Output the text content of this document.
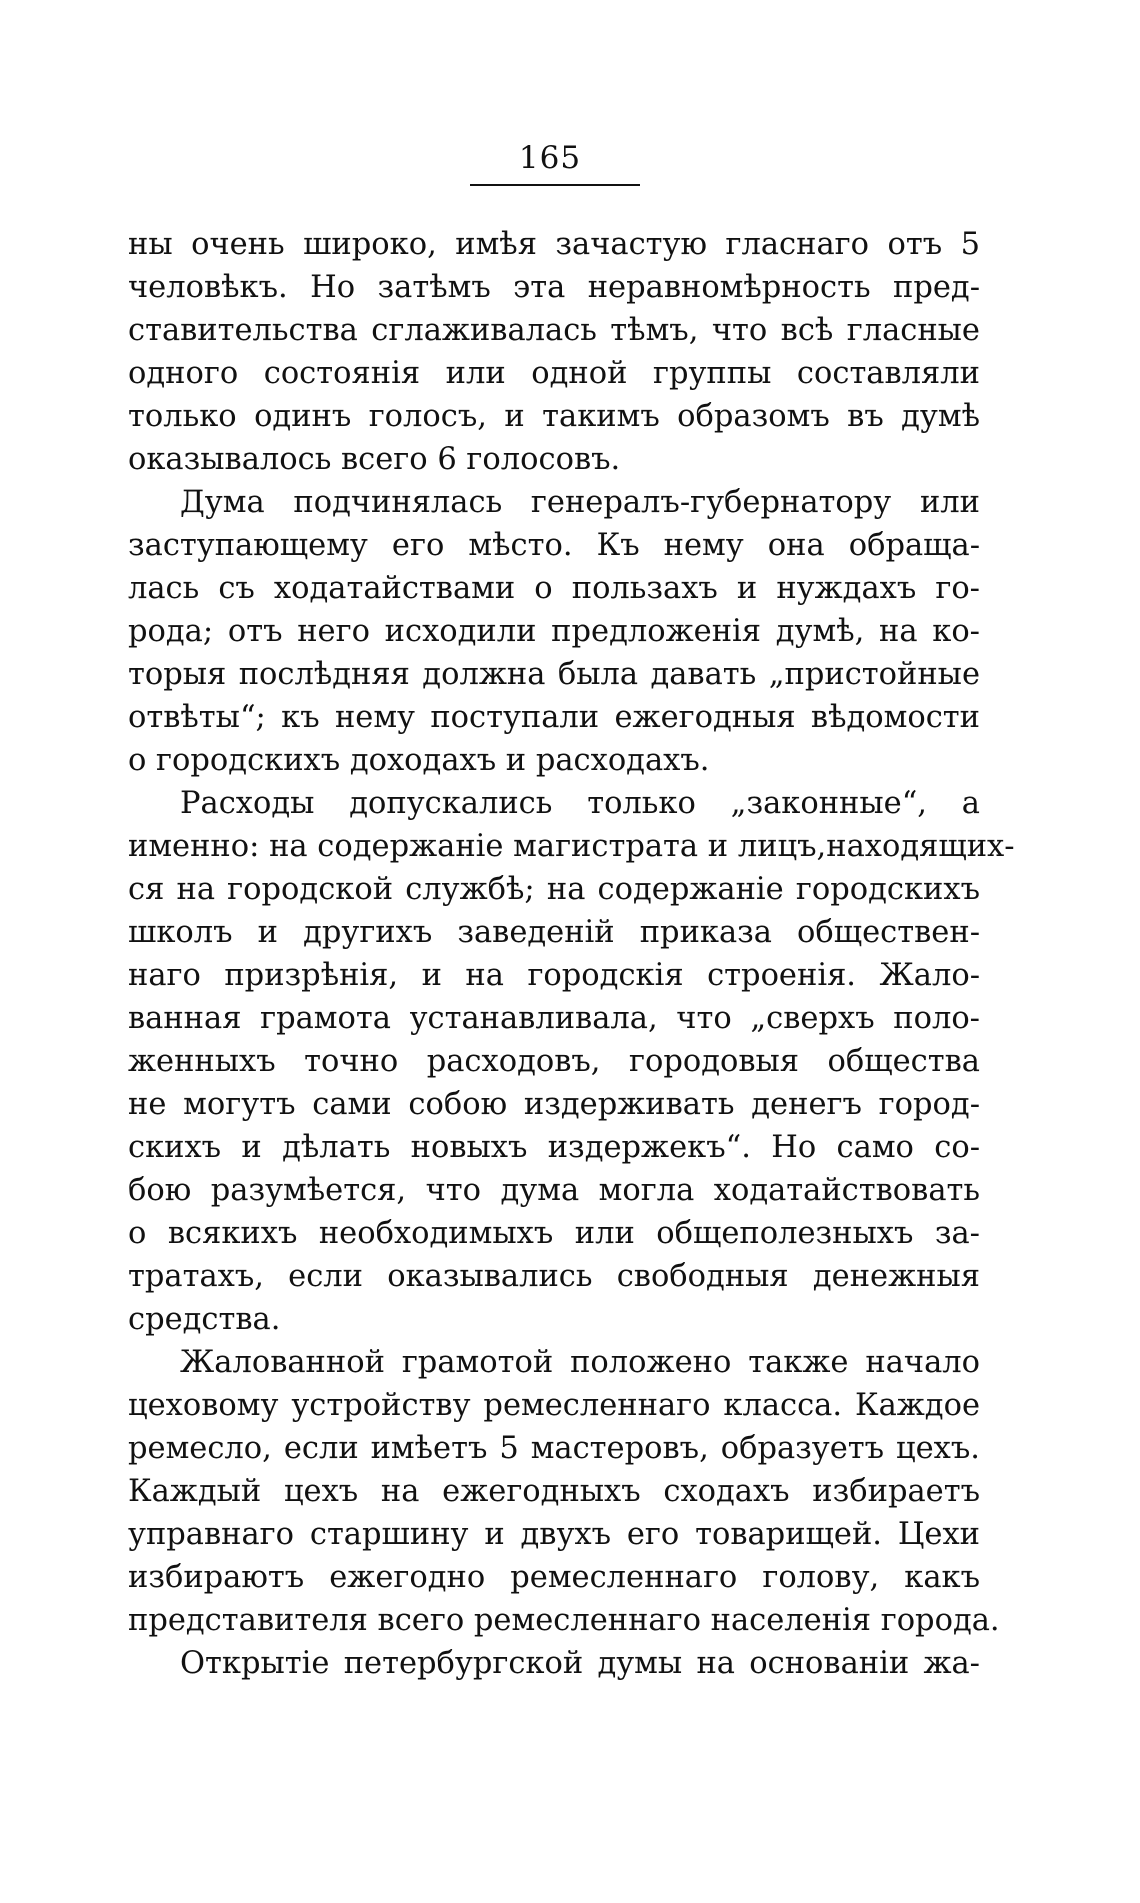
165
ны очень широко, имѣя зачастую гласнаго отъ 5
человѣкъ. Но затѣмъ эта неравномѣрность пред-
ставительства сглаживалась тѣмъ, что всѣ гласные
одного состоянія или одной группы составляли
только одинъ голосъ, и такимъ образомъ въ думѣ
оказывалось всего 6 голосовъ.
Дума подчинялась генералъ-губернатору или
заступающему его мѣсто. Къ нему она обраща-
лась съ ходатайствами о пользахъ и нуждахъ го-
рода; отъ него исходили предложенія думѣ, на ко-
торыя послѣдняя должна была давать „пристойные
отвѣты“; къ нему поступали ежегодныя вѣдомости
о городскихъ доходахъ и расходахъ.
Расходы допускались только „законные“, а
именно: на содержаніе магистрата и лицъ,находящих-
ся на городской службѣ; на содержаніе городскихъ
школъ и другихъ заведеній приказа обществен-
наго призрѣнія, и на городскія строенія. Жало-
ванная грамота устанавливала, что „сверхъ поло-
женныхъ точно расходовъ, городовыя общества
не могутъ сами собою издерживать денегъ город-
скихъ и дѣлать новыхъ издержекъ“. Но само со-
бою разумѣется, что дума могла ходатайствовать
о всякихъ необходимыхъ или общеполезныхъ за-
тратахъ, если оказывались свободныя денежныя
средства.
Жалованной грамотой положено также начало
цеховому устройству ремесленнаго класса. Каждое
ремесло, если имѣетъ 5 мастеровъ, образуетъ цехъ.
Каждый цехъ на ежегодныхъ сходахъ избираетъ
управнаго старшину и двухъ его товарищей. Цехи
избираютъ ежегодно ремесленнаго голову, какъ
представителя всего ремесленнаго населенія города.
Открытіе петербургской думы на основаніи жа-
